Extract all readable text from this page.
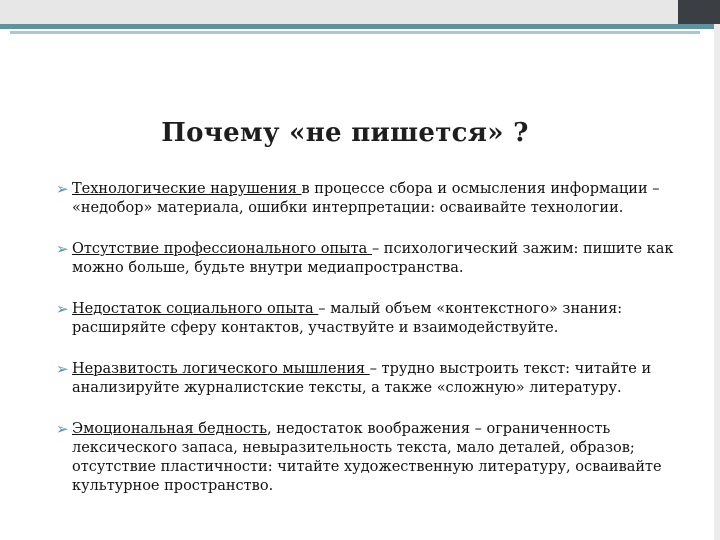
Почему «не пишется» ?
➢ Технологические нарушения в процессе сбора и осмысления информации – «недобор» материала, ошибки интерпретации: осваивайте технологии.
➢ Отсутствие профессионального опыта – психологический зажим: пишите как можно больше, будьте внутри медиапространства.
➢ Недостаток социального опыта – малый объем «контекстного» знания: расширяйте сферу контактов, участвуйте и взаимодействуйте.
➢ Неразвитость логического мышления – трудно выстроить текст: читайте и анализируйте журналистские тексты, а также «сложную» литературу.
➢ Эмоциональная бедность, недостаток воображения – ограниченность лексического запаса, невыразительность текста, мало деталей, образов; отсутствие пластичности: читайте художественную литературу, осваивайте культурное пространство.
